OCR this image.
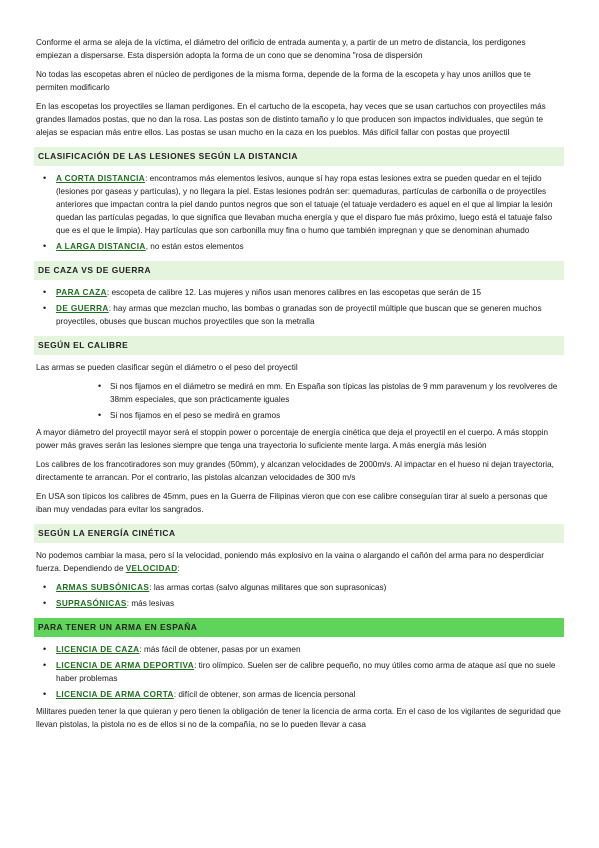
Conforme el arma se aleja de la víctima, el diámetro del orificio de entrada aumenta y, a partir de un metro de distancia, los perdigones empiezan a dispersarse. Esta dispersión adopta la forma de un cono que se denomina "rosa de dispersión

No todas las escopetas abren el núcleo de perdigones de la misma forma, depende de la forma de la escopeta y hay unos anillos que te permiten modificarlo

En las escopetas los proyectiles se llaman perdigones. En el cartucho de la escopeta, hay veces que se usan cartuchos con proyectiles más grandes llamados postas, que no dan la rosa. Las postas son de distinto tamaño y lo que producen son impactos individuales, que según te alejas se espacian más entre ellos. Las postas se usan mucho en la caza en los pueblos. Más difícil fallar con postas que proyectil

CLASIFICACIÓN DE LAS LESIONES SEGÚN LA DISTANCIA
• A CORTA DISTANCIA: encontramos más elementos lesivos, aunque sí hay ropa estas lesiones extra se pueden quedar en el tejido (lesiones por gaseas y partículas), y no llegara la piel. Estas lesiones podrán ser: quemaduras, partículas de carbonilla o de proyectiles anteriores que impactan contra la piel dando puntos negros que son el tatuaje (el tatuaje verdadero es aquel en el que al limpiar la lesión quedan las partículas pegadas, lo que significa que llevaban mucha energía y que el disparo fue más próximo, luego está el tatuaje falso que es el que le limpia). Hay partículas que son carbonilla muy fina o humo que también impregnan y que se denominan ahumado
• A LARGA DISTANCIA, no están estos elementos
DE CAZA VS DE GUERRA
• PARA CAZA: escopeta de calibre 12. Las mujeres y niños usan menores calibres en las escopetas que serán de 15
• DE GUERRA: hay armas que mezclan mucho, las bombas o granadas son de proyectil múltiple que buscan que se generen muchos proyectiles, obuses que buscan muchos proyectiles que son la metralla
SEGÚN EL CALIBRE

Las armas se pueden clasificar según el diámetro o el peso del proyectil

• Si nos fijamos en el diámetro se medirá en mm. En España son típicas las pistolas de 9 mm paravenum y los revolveres de 38mm especiales, que son prácticamente iguales
• Si nos fijamos en el peso se medirá en gramos

A mayor diámetro del proyectil mayor será el stoppin power o porcentaje de energía cinética que deja el proyectil en el cuerpo. A más stoppin power más graves serán las lesiones siempre que tenga una trayectoria lo suficiente mente larga. A más energía más lesión

Los calibres de los francotiradores son muy grandes (50mm), y alcanzan velocidades de 2000m/s. Al impactar en el hueso ni dejan trayectoria, directamente te arrancan. Por el contrario, las pistolas alcanzan velocidades de 300 m/s

En USA son típicos los calibres de 45mm, pues en la Guerra de Filipinas vieron que con ese calibre conseguían tirar al suelo a personas que iban muy vendadas para evitar los sangrados.

SEGÚN LA ENERGÍA CINÉTICA

No podemos cambiar la masa, pero sí la velocidad, poniendo más explosivo en la vaina o alargando el cañón del arma para no desperdiciar fuerza. Dependiendo de VELOCIDAD:

• ARMAS SUBSÓNICAS: las armas cortas (salvo algunas militares que son suprasonicas)
• SUPRASÓNICAS: más lesivas
PARA TENER UN ARMA EN ESPAÑA
• LICENCIA DE CAZA: más fácil de obtener, pasas por un examen
• LICENCIA DE ARMA DEPORTIVA: tiro olímpico. Suelen ser de calibre pequeño, no muy útiles como arma de ataque así que no suele haber problemas
• LICENCIA DE ARMA CORTA: difícil de obtener, son armas de licencia personal

Militares pueden tener la que quieran y pero tienen la obligación de tener la licencia de arma corta. En el caso de los vigilantes de seguridad que llevan pistolas, la pistola no es de ellos si no de la compañía, no se lo pueden llevar a casa
